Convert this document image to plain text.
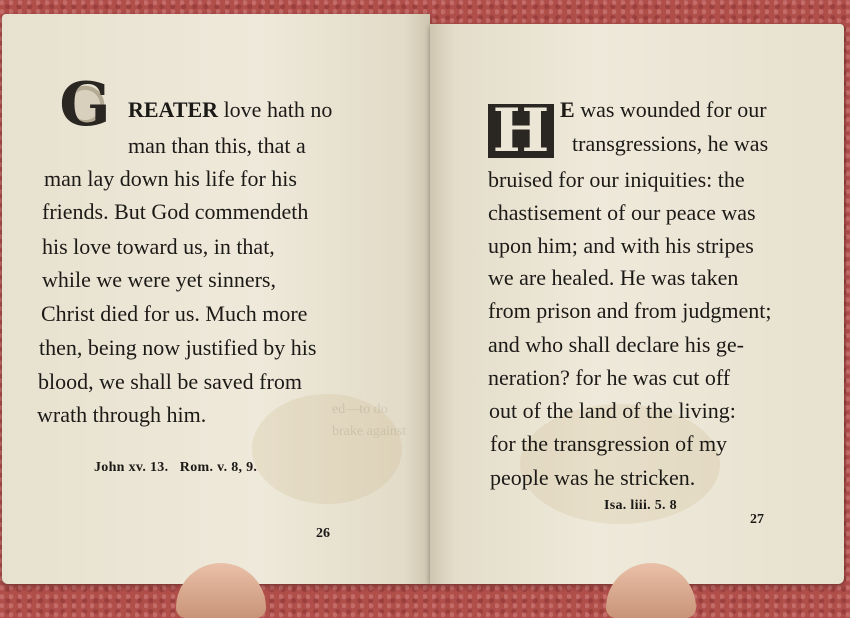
ed—to do
brake against
G REATER love hath no
man than this, that a
man lay down his life for his
friends. But God commendeth
his love toward us, in that,
while we were yet sinners,
Christ died for us. Much more
then, being now justified by his
blood, we shall be saved from
wrath through him.
John xv. 13.   Rom. v. 8, 9.
26
H E was wounded for our
transgressions, he was
bruised for our iniquities: the
chastisement of our peace was
upon him; and with his stripes
we are healed. He was taken
from prison and from judgment;
and who shall declare his ge-
neration? for he was cut off
out of the land of the living:
for the transgression of my
people was he stricken.
Isa. liii. 5. 8
27
